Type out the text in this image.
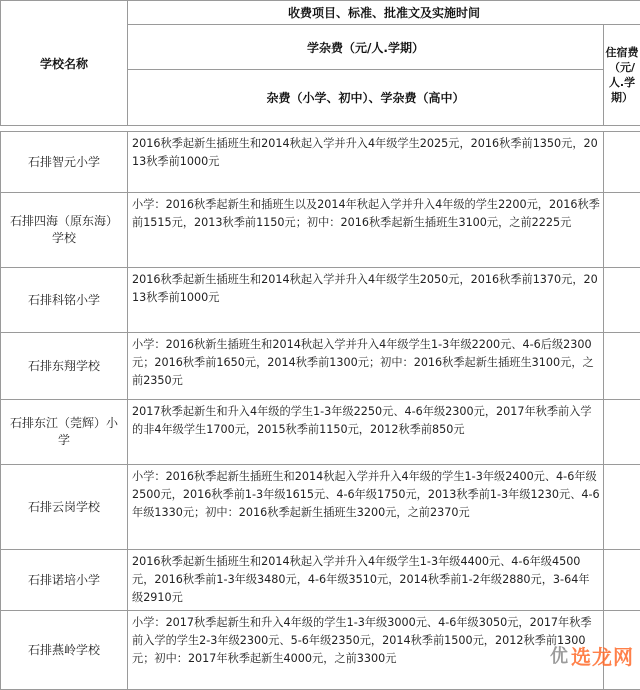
学校名称	收费项目、标准、批准文及实施时间	
	学杂费（元/人.学期）	住宿费（元/人.学期）
	杂费（小学、初中）、学杂费（高中）	

石排智元小学	2016秋季起新生插班生和2014秋起入学并升入4年级学生2025元，2016秋季前1350元，2013秋季前1000元	
石排四海（原东海）学校	小学：2016秋季起新生和插班生以及2014年秋起入学并升入4年级的学生2200元，2016秋季前1515元，2013秋季前1150元；初中：2016秋季起新生插班生3100元，之前2225元	
石排科铭小学	2016秋季起新生插班生和2014秋起入学并升入4年级学生2050元，2016秋季前1370元，2013秋季前1000元	
石排东翔学校	小学：2016秋新生插班生和2014秋起入学并升入4年级学生1-3年级2200元、4-6后级2300元；2016秋季前1650元，2014秋季前1300元；初中：2016秋季起新生插班生3100元，之前2350元	
石排东江（莞辉）小学	2017秋季起新生和升入4年级的学生1-3年级2250元、4-6年级2300元，2017年秋季前入学的非4年级学生1700元，2015秋季前1150元，2012秋季前850元	
石排云岗学校	小学：2016秋季起新生插班生和2014秋起入学并升入4年级的学生1-3年级2400元、4-6年级2500元，2016秋季前1-3年级1615元、4-6年级1750元，2013秋季前1-3年级1230元、4-6年级1330元；初中：2016秋季起新生插班生3200元，之前2370元	
石排诺培小学	2016秋季起新生插班生和2014秋起入学并升入4年级学生1-3年级4400元、4-6年级4500元，2016秋季前1-3年级3480元，4-6年级3510元，2014秋季前1-2年级2880元，3-64年级2910元	
石排燕岭学校	小学：2017秋季起新生和升入4年级的学生1-3年级3000元、4-6年级3050元，2017年秋季前入学的学生2-3年级2300元、5-6年级2350元，2014秋季前1500元，2012秋季前1300元；初中：2017年秋季起新生4000元，之前3300元		优 选 龙网
